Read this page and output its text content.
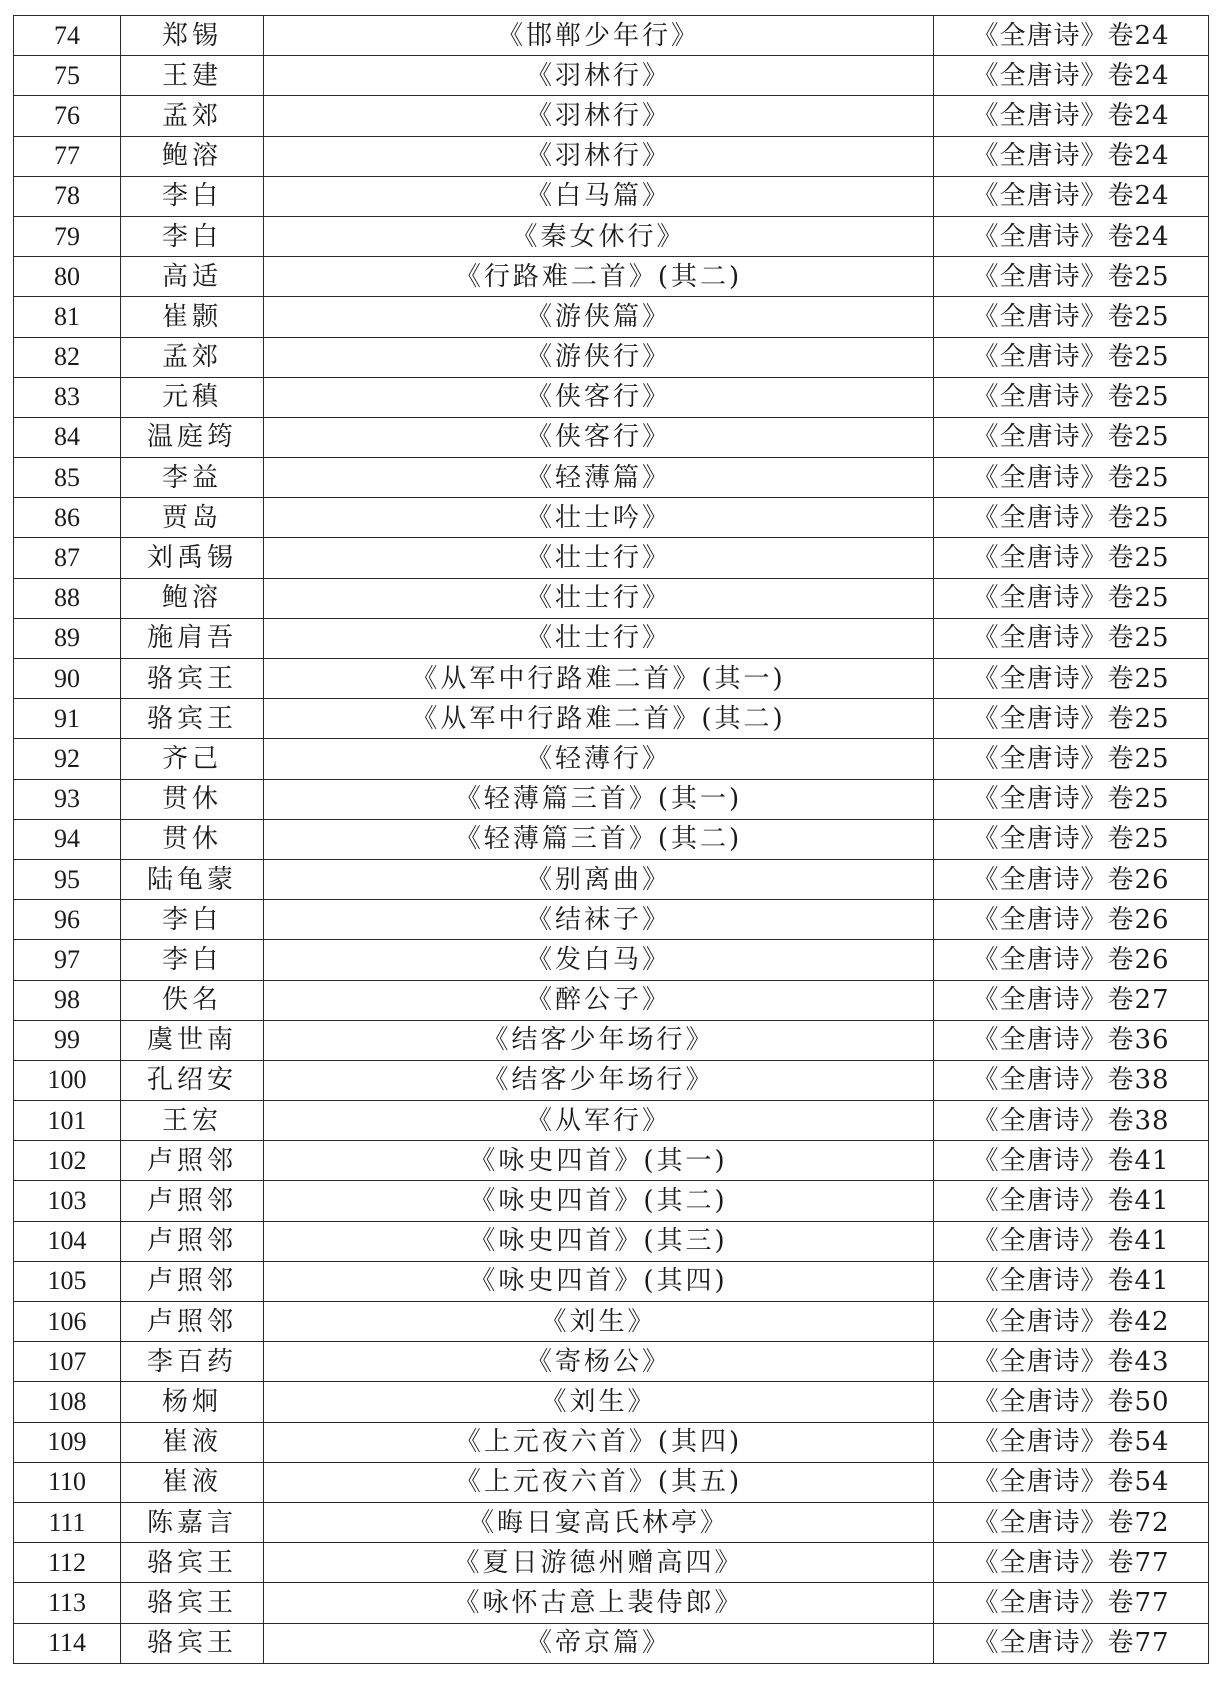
74	郑锡	《邯郸少年行》	《全唐诗》卷24
75	王建	《羽林行》	《全唐诗》卷24
76	孟郊	《羽林行》	《全唐诗》卷24
77	鲍溶	《羽林行》	《全唐诗》卷24
78	李白	《白马篇》	《全唐诗》卷24
79	李白	《秦女休行》	《全唐诗》卷24
80	高适	《行路难二首》(其二)	《全唐诗》卷25
81	崔颢	《游侠篇》	《全唐诗》卷25
82	孟郊	《游侠行》	《全唐诗》卷25
83	元稹	《侠客行》	《全唐诗》卷25
84	温庭筠	《侠客行》	《全唐诗》卷25
85	李益	《轻薄篇》	《全唐诗》卷25
86	贾岛	《壮士吟》	《全唐诗》卷25
87	刘禹锡	《壮士行》	《全唐诗》卷25
88	鲍溶	《壮士行》	《全唐诗》卷25
89	施肩吾	《壮士行》	《全唐诗》卷25
90	骆宾王	《从军中行路难二首》(其一)	《全唐诗》卷25
91	骆宾王	《从军中行路难二首》(其二)	《全唐诗》卷25
92	齐己	《轻薄行》	《全唐诗》卷25
93	贯休	《轻薄篇三首》(其一)	《全唐诗》卷25
94	贯休	《轻薄篇三首》(其二)	《全唐诗》卷25
95	陆龟蒙	《别离曲》	《全唐诗》卷26
96	李白	《结袜子》	《全唐诗》卷26
97	李白	《发白马》	《全唐诗》卷26
98	佚名	《醉公子》	《全唐诗》卷27
99	虞世南	《结客少年场行》	《全唐诗》卷36
100	孔绍安	《结客少年场行》	《全唐诗》卷38
101	王宏	《从军行》	《全唐诗》卷38
102	卢照邻	《咏史四首》(其一)	《全唐诗》卷41
103	卢照邻	《咏史四首》(其二)	《全唐诗》卷41
104	卢照邻	《咏史四首》(其三)	《全唐诗》卷41
105	卢照邻	《咏史四首》(其四)	《全唐诗》卷41
106	卢照邻	《刘生》	《全唐诗》卷42
107	李百药	《寄杨公》	《全唐诗》卷43
108	杨炯	《刘生》	《全唐诗》卷50
109	崔液	《上元夜六首》(其四)	《全唐诗》卷54
110	崔液	《上元夜六首》(其五)	《全唐诗》卷54
111	陈嘉言	《晦日宴高氏林亭》	《全唐诗》卷72
112	骆宾王	《夏日游德州赠高四》	《全唐诗》卷77
113	骆宾王	《咏怀古意上裴侍郎》	《全唐诗》卷77
114	骆宾王	《帝京篇》	《全唐诗》卷77
